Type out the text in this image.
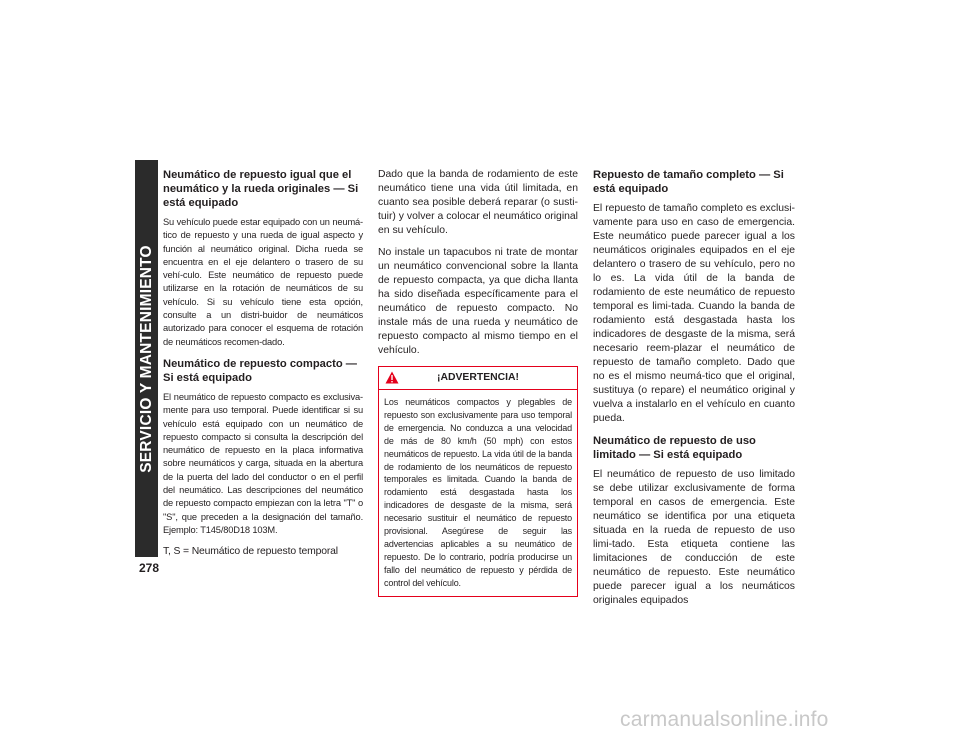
SERVICIO Y MANTENIMIENTO
278
Neumático de repuesto igual que el neumático y la rueda originales — Si está equipado

Su vehículo puede estar equipado con un neumá-tico de repuesto y una rueda de igual aspecto y función al neumático original. Dicha rueda se encuentra en el eje delantero o trasero de su vehí-culo. Este neumático de repuesto puede utilizarse en la rotación de neumáticos de su vehículo. Si su vehículo tiene esta opción, consulte a un distri-buidor de neumáticos autorizado para conocer el esquema de rotación de neumáticos recomen-dado.

Neumático de repuesto compacto — Si está equipado

El neumático de repuesto compacto es exclusiva-mente para uso temporal. Puede identificar si su vehículo está equipado con un neumático de repuesto compacto si consulta la descripción del neumático de repuesto en la placa informativa sobre neumáticos y carga, situada en la abertura de la puerta del lado del conductor o en el perfil del neumático. Las descripciones del neumático de repuesto compacto empiezan con la letra "T" o "S", que preceden a la designación del tamaño. Ejemplo: T145/80D18 103M.

T, S = Neumático de repuesto temporal

Dado que la banda de rodamiento de este neumático tiene una vida útil limitada, en cuanto sea posible deberá reparar (o susti-tuir) y volver a colocar el neumático original en su vehículo.

No instale un tapacubos ni trate de montar un neumático convencional sobre la llanta de repuesto compacta, ya que dicha llanta ha sido diseñada específicamente para el neumático de repuesto compacto. No instale más de una rueda y neumático de repuesto compacto al mismo tiempo en el vehículo.

¡ADVERTENCIA!

Los neumáticos compactos y plegables de repuesto son exclusivamente para uso temporal de emergencia. No conduzca a una velocidad de más de 80 km/h (50 mph) con estos neumáticos de repuesto. La vida útil de la banda de rodamiento de los neumáticos de repuesto temporales es limitada. Cuando la banda de rodamiento está desgastada hasta los indicadores de desgaste de la misma, será necesario sustituir el neumático de repuesto provisional. Asegúrese de seguir las advertencias aplicables a su neumático de repuesto. De lo contrario, podría producirse un fallo del neumático de repuesto y pérdida de control del vehículo.

Repuesto de tamaño completo — Si está equipado

El repuesto de tamaño completo es exclusi-vamente para uso en caso de emergencia. Este neumático puede parecer igual a los neumáticos originales equipados en el eje delantero o trasero de su vehículo, pero no lo es. La vida útil de la banda de rodamiento de este neumático de repuesto temporal es limi-tada. Cuando la banda de rodamiento está desgastada hasta los indicadores de desgaste de la misma, será necesario reem-plazar el neumático de repuesto de tamaño completo. Dado que no es el mismo neumá-tico que el original, sustituya (o repare) el neumático original y vuelva a instalarlo en el vehículo en cuanto pueda.

Neumático de repuesto de uso limitado — Si está equipado

El neumático de repuesto de uso limitado se debe utilizar exclusivamente de forma temporal en casos de emergencia. Este neumático se identifica por una etiqueta situada en la rueda de repuesto de uso limi-tado. Esta etiqueta contiene las limitaciones de conducción de este neumático de repuesto. Este neumático puede parecer igual a los neumáticos originales equipados

carmanualsonline.info
